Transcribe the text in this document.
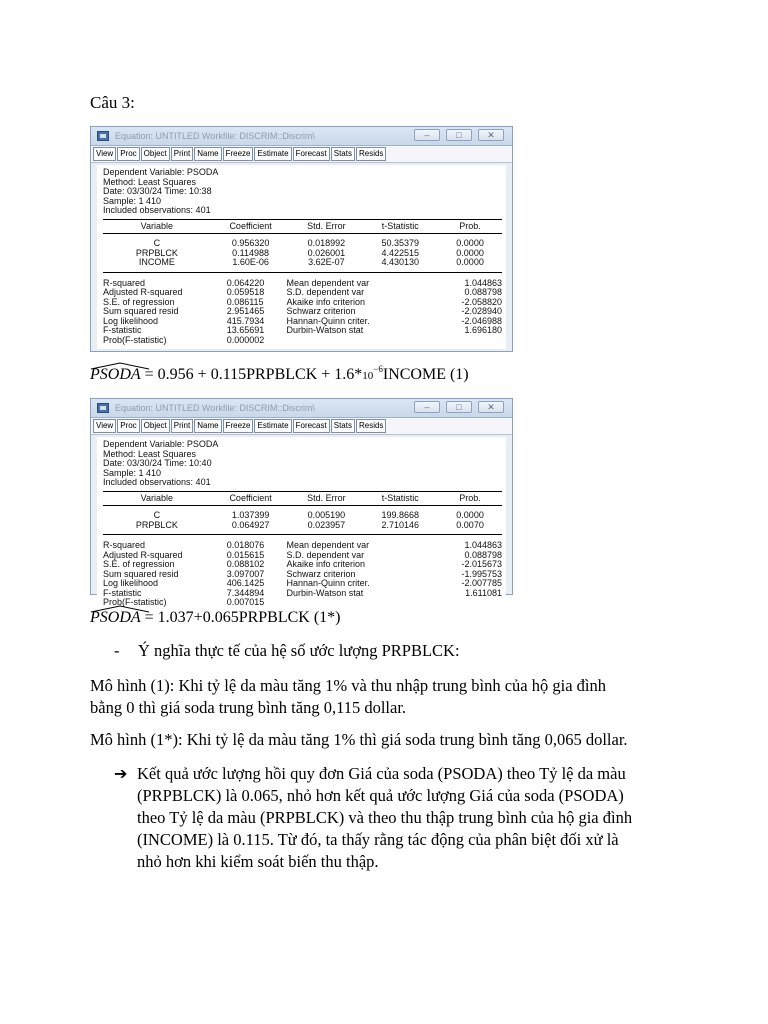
Câu 3:
Equation: UNTITLED Workfile: DISCRIM::Discrim\	–	□	✕
View Proc Object Print Name Freeze Estimate Forecast Stats Resids
Dependent Variable: PSODA
Method: Least Squares
Date: 03/30/24 Time: 10:38
Sample: 1 410
Included observations: 401
Variable	Coefficient	Std. Error	t-Statistic	Prob.
C	0.956320	0.018992	50.35379	0.0000
PRPBLCK	0.114988	0.026001	4.422515	0.0000
INCOME	1.60E-06	3.62E-07	4.430130	0.0000
R-squared	0.064220	Mean dependent var	1.044863
Adjusted R-squared	0.059518	S.D. dependent var	0.088798
S.E. of regression	0.086115	Akaike info criterion	-2.058820
Sum squared resid	2.951465	Schwarz criterion	-2.028940
Log likelihood	415.7934	Hannan-Quinn criter.	-2.046988
F-statistic	13.65691	Durbin-Watson stat	1.696180
Prob(F-statistic)	0.000002		
PSODA = 0.956 + 0.115PRPBLCK + $1.6*10^{-6}INCOME$ (1)
Equation: UNTITLED Workfile: DISCRIM::Discrim\	–	□	✕
View Proc Object Print Name Freeze Estimate Forecast Stats Resids
Dependent Variable: PSODA
Method: Least Squares
Date: 03/30/24 Time: 10:40
Sample: 1 410
Included observations: 401
Variable	Coefficient	Std. Error	t-Statistic	Prob.
C	1.037399	0.005190	199.8668	0.0000
PRPBLCK	0.064927	0.023957	2.710146	0.0070
R-squared	0.018076	Mean dependent var	1.044863
Adjusted R-squared	0.015615	S.D. dependent var	0.088798
S.E. of regression	0.088102	Akaike info criterion	-2.015673
Sum squared resid	3.097007	Schwarz criterion	-1.995753
Log likelihood	406.1425	Hannan-Quinn criter.	-2.007785
F-statistic	7.344894	Durbin-Watson stat	1.611081
Prob(F-statistic)	0.007015		
PSODA = 1.037+0.065PRPBLCK (1*)
- Ý nghĩa thực tế của hệ số ước lượng PRPBLCK:
Mô hình (1): Khi tỷ lệ da màu tăng 1% và thu nhập trung bình của hộ gia đình
bằng 0 thì giá soda trung bình tăng 0,115 dollar.
Mô hình (1*): Khi tỷ lệ da màu tăng 1% thì giá soda trung bình tăng 0,065 dollar.
➔ Kết quả ước lượng hồi quy đơn Giá của soda (PSODA) theo Tỷ lệ da màu
(PRPBLCK) là 0.065, nhỏ hơn kết quả ước lượng Giá của soda (PSODA)
theo Tỷ lệ da màu (PRPBLCK) và theo thu thập trung bình của hộ gia đình
(INCOME) là 0.115. Từ đó, ta thấy rằng tác động của phân biệt đối xử là
nhỏ hơn khi kiểm soát biến thu thập.
